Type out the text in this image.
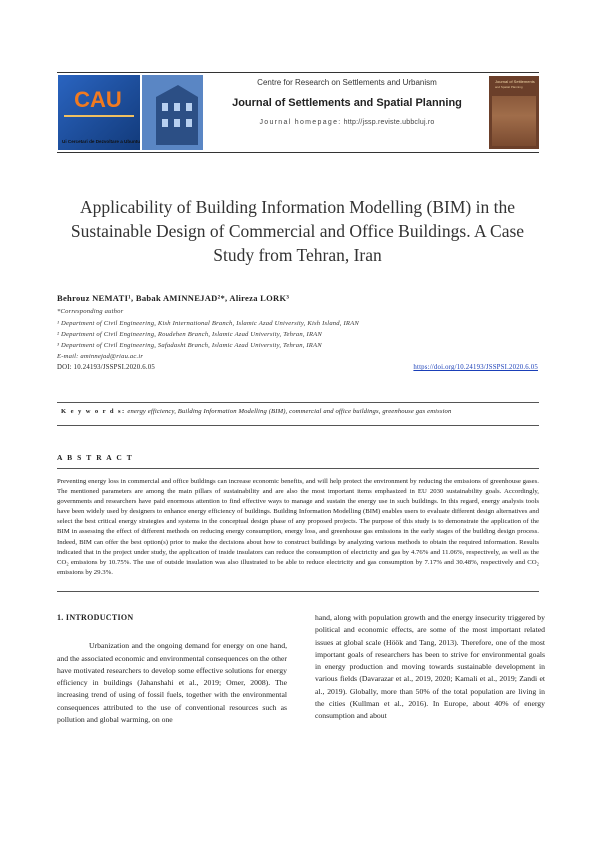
CAU
Ui Cercetari de Dezvoltare a Ubuntu
Centre for Research on Settlements and Urbanism
Journal of Settlements and Spatial Planning
Journal homepage: http://jssp.reviste.ubbcluj.ro
Journal of Settlements
and Spatial Planning
Applicability of Building Information Modelling (BIM) in the Sustainable Design of Commercial and Office Buildings. A Case Study from Tehran, Iran
Behrouz NEMATI¹, Babak AMINNEJAD²*, Alireza LORK³
*Corresponding author
¹ Department of Civil Engineering, Kish International Branch, Islamic Azad University, Kish Island, IRAN
² Department of Civil Engineering, Roudehen Branch, Islamic Azad University, Tehran, IRAN
³ Department of Civil Engineering, Safadasht Branch, Islamic Azad University, Tehran, IRAN
E-mail: aminnejad@riau.ac.ir
DOI: 10.24193/JSSPSI.2020.6.05	https://doi.org/10.24193/JSSPSI.2020.6.05
K e y w o r d s: energy efficiency, Building Information Modelling (BIM), commercial and office buildings, greenhouse gas emission
A B S T R A C T
Preventing energy loss in commercial and office buildings can increase economic benefits, and will help protect the environment by reducing the emissions of greenhouse gases. The mentioned parameters are among the main pillars of sustainability and are also the most important items emphasized in EU 2030 sustainability goals. Accordingly, governments and researchers have paid enormous attention to find effective ways to manage and sustain the energy use in such buildings. In this regard, energy analysis tools have been widely used by designers to enhance energy efficiency of buildings. Building Information Modelling (BIM) enables users to evaluate different design alternatives and select the best critical energy strategies and systems in the conceptual design phase of any proposed projects. The purpose of this study is to demonstrate the application of the BIM in assessing the effect of different methods on reducing energy consumption, energy loss, and greenhouse gas emissions in the early stages of the building design process. Indeed, BIM can offer the best option(s) prior to make the decisions about how to construct buildings by analyzing various methods to obtain the required information. Results indicated that in the project under study, the application of inside insulators can reduce the consumption of electricity and gas by 4.76% and 11.06%, respectively, as well as the CO₂ emissions by 10.75%. The use of outside insulation was also illustrated to be able to reduce electricity and gas consumption by 7.17% and 30.48%, respectively and CO₂ emissions by 29.3%.
1. INTRODUCTION
Urbanization and the ongoing demand for energy on one hand, and the associated economic and environmental consequences on the other have motivated researchers to develop some effective solutions for energy efficiency in buildings (Jahanshahi et al., 2019; Omer, 2008). The increasing trend of using of fossil fuels, together with the environmental consequences attributed to the use of conventional resources such as pollution and global warming, on one
hand, along with population growth and the energy insecurity triggered by political and economic effects, are some of the most important related issues at global scale (Höök and Tang, 2013). Therefore, one of the most important goals of researchers has been to strive for environmental goals in energy production and moving towards sustainable development in various fields (Davarazar et al., 2019, 2020; Kamali et al., 2019; Zandi et al., 2019). Globally, more than 50% of the total population are living in the cities (Kullman et al., 2016). In Europe, about 40% of energy consumption and about
